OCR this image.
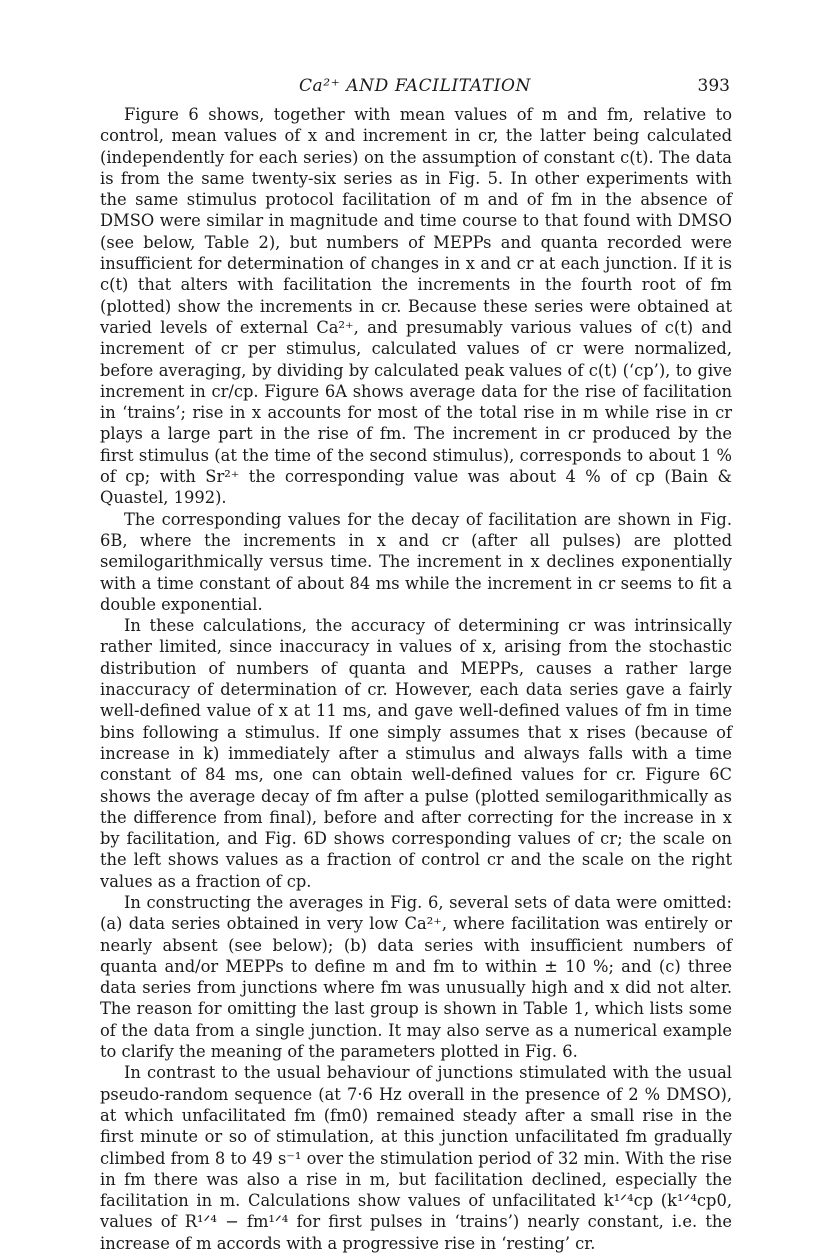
Ca²⁺ AND FACILITATION	393

Figure 6 shows, together with mean values of m and fm, relative to control, mean values of x and increment in cr, the latter being calculated (independently for each series) on the assumption of constant c(t). The data is from the same twenty-six series as in Fig. 5. In other experiments with the same stimulus protocol facilitation of m and of fm in the absence of DMSO were similar in magnitude and time course to that found with DMSO (see below, Table 2), but numbers of MEPPs and quanta recorded were insufficient for determination of changes in x and cr at each junction. If it is c(t) that alters with facilitation the increments in the fourth root of fm (plotted) show the increments in cr. Because these series were obtained at varied levels of external Ca²⁺, and presumably various values of c(t) and increment of cr per stimulus, calculated values of cr were normalized, before averaging, by dividing by calculated peak values of c(t) (‘cp’), to give increment in cr/cp. Figure 6A shows average data for the rise of facilitation in ‘trains’; rise in x accounts for most of the total rise in m while rise in cr plays a large part in the rise of fm. The increment in cr produced by the first stimulus (at the time of the second stimulus), corresponds to about 1 % of cp; with Sr²⁺ the corresponding value was about 4 % of cp (Bain & Quastel, 1992).

The corresponding values for the decay of facilitation are shown in Fig. 6B, where the increments in x and cr (after all pulses) are plotted semilogarithmically versus time. The increment in x declines exponentially with a time constant of about 84 ms while the increment in cr seems to fit a double exponential.

In these calculations, the accuracy of determining cr was intrinsically rather limited, since inaccuracy in values of x, arising from the stochastic distribution of numbers of quanta and MEPPs, causes a rather large inaccuracy of determination of cr. However, each data series gave a fairly well-defined value of x at 11 ms, and gave well-defined values of fm in time bins following a stimulus. If one simply assumes that x rises (because of increase in k) immediately after a stimulus and always falls with a time constant of 84 ms, one can obtain well-defined values for cr. Figure 6C shows the average decay of fm after a pulse (plotted semilogarithmically as the difference from final), before and after correcting for the increase in x by facilitation, and Fig. 6D shows corresponding values of cr; the scale on the left shows values as a fraction of control cr and the scale on the right values as a fraction of cp.

In constructing the averages in Fig. 6, several sets of data were omitted: (a) data series obtained in very low Ca²⁺, where facilitation was entirely or nearly absent (see below); (b) data series with insufficient numbers of quanta and/or MEPPs to define m and fm to within ± 10 %; and (c) three data series from junctions where fm was unusually high and x did not alter. The reason for omitting the last group is shown in Table 1, which lists some of the data from a single junction. It may also serve as a numerical example to clarify the meaning of the parameters plotted in Fig. 6.

In contrast to the usual behaviour of junctions stimulated with the usual pseudo-random sequence (at 7·6 Hz overall in the presence of 2 % DMSO), at which unfacilitated fm (fm0) remained steady after a small rise in the first minute or so of stimulation, at this junction unfacilitated fm gradually climbed from 8 to 49 s⁻¹ over the stimulation period of 32 min. With the rise in fm there was also a rise in m, but facilitation declined, especially the facilitation in m. Calculations show values of unfacilitated k¹ᐟ⁴cp (k¹ᐟ⁴cp0, values of R¹ᐟ⁴ − fm¹ᐟ⁴ for first pulses in ‘trains’) nearly constant, i.e. the increase of m accords with a progressive rise in ‘resting’ cr.
